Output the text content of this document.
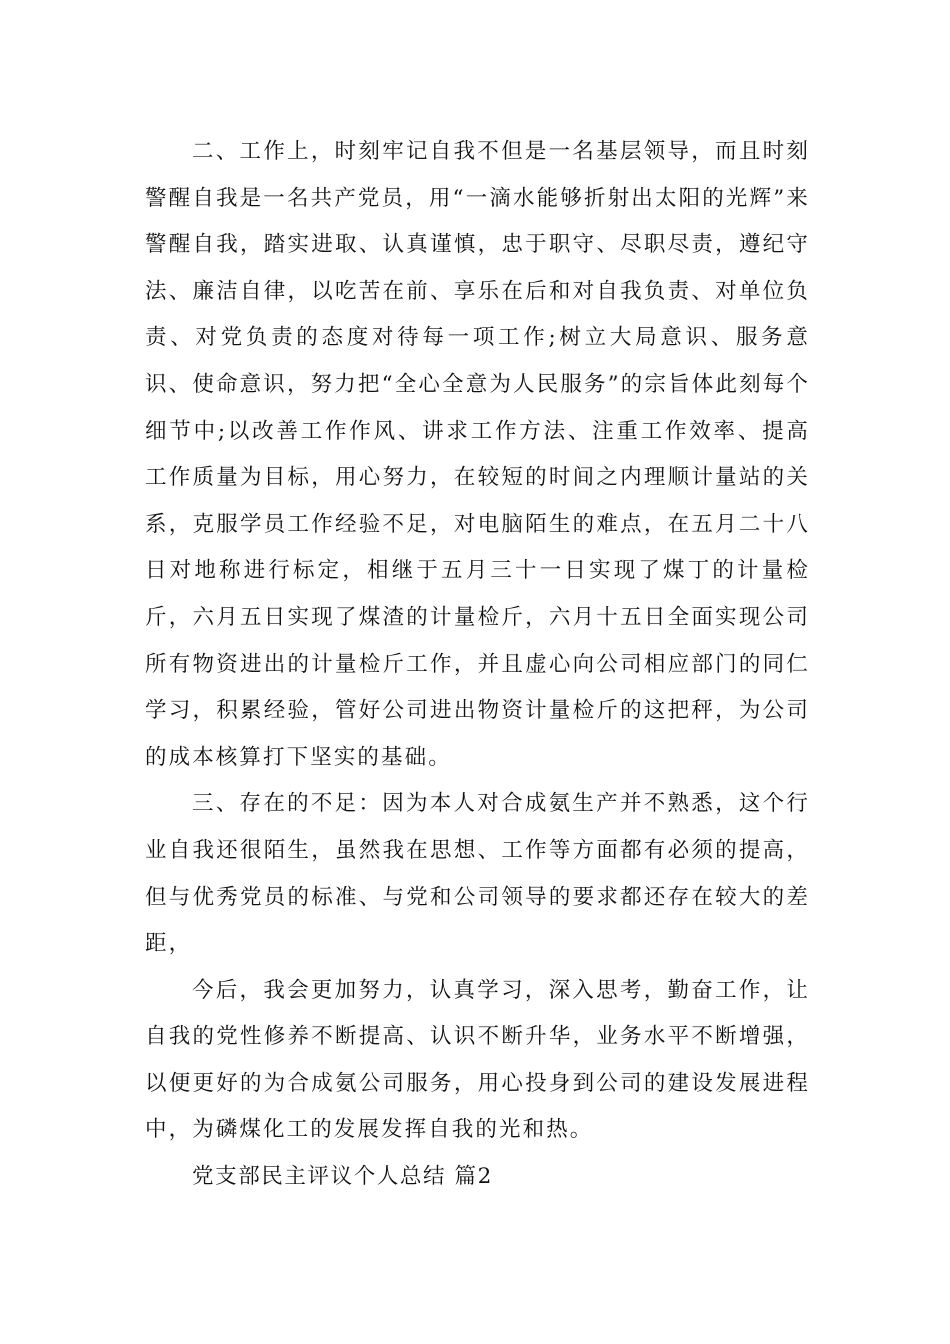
二、工作上，时刻牢记自我不但是一名基层领导，而且时刻警醒自我是一名共产党员，用“一滴水能够折射出太阳的光辉”来警醒自我，踏实进取、认真谨慎，忠于职守、尽职尽责，遵纪守法、廉洁自律，以吃苦在前、享乐在后和对自我负责、对单位负责、对党负责的态度对待每一项工作;树立大局意识、服务意识、使命意识，努力把“全心全意为人民服务”的宗旨体此刻每个细节中;以改善工作作风、讲求工作方法、注重工作效率、提高工作质量为目标，用心努力，在较短的时间之内理顺计量站的关系，克服学员工作经验不足，对电脑陌生的难点，在五月二十八日对地称进行标定，相继于五月三十一日实现了煤丁的计量检斤，六月五日实现了煤渣的计量检斤，六月十五日全面实现公司所有物资进出的计量检斤工作，并且虚心向公司相应部门的同仁学习，积累经验，管好公司进出物资计量检斤的这把秤，为公司的成本核算打下坚实的基础。

三、存在的不足：因为本人对合成氨生产并不熟悉，这个行业自我还很陌生，虽然我在思想、工作等方面都有必须的提高，但与优秀党员的标准、与党和公司领导的要求都还存在较大的差距，

今后，我会更加努力，认真学习，深入思考，勤奋工作，让自我的党性修养不断提高、认识不断升华，业务水平不断增强，以便更好的为合成氨公司服务，用心投身到公司的建设发展进程中，为磷煤化工的发展发挥自我的光和热。

党支部民主评议个人总结 篇2
